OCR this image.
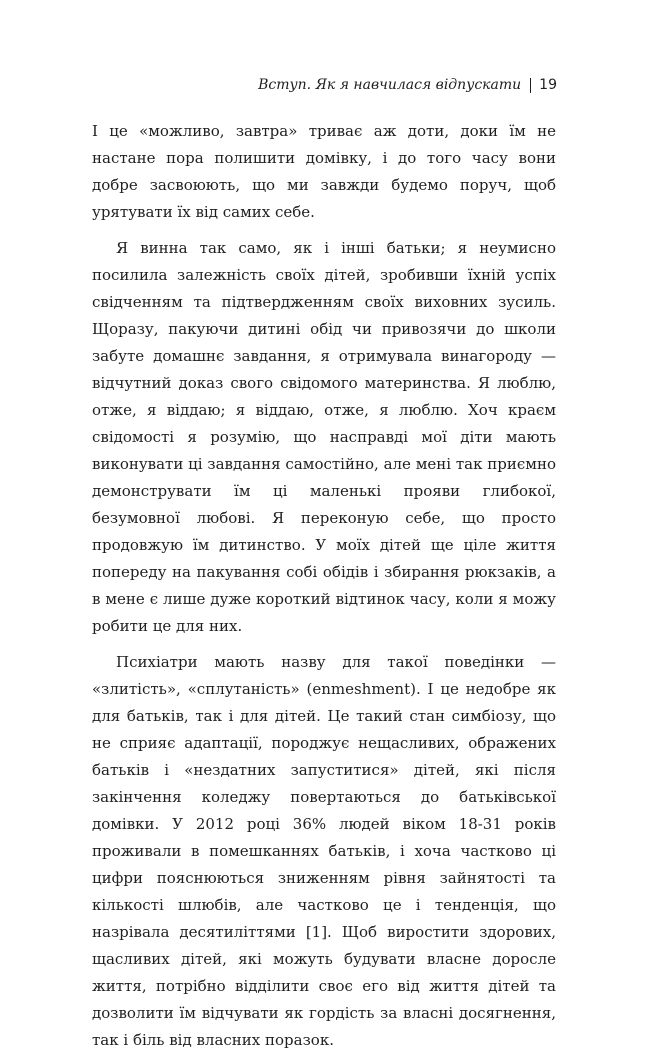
Вступ. Як я навчилася відпускати 19

І це «можливо, завтра» триває аж доти, доки їм не настане пора полишити домівку, і до того часу вони добре засвоюють, що ми завжди будемо поруч, щоб урятувати їх від самих себе.

Я винна так само, як і інші батьки; я неумисно посилила залежність своїх дітей, зробивши їхній успіх свідченням та підтвердженням своїх виховних зусиль. Щоразу, пакуючи дитині обід чи привозячи до школи забуте домашнє завдання, я отримувала винагороду — відчутний доказ свого свідомого материнства. Я люблю, отже, я віддаю; я віддаю, отже, я люблю. Хоч краєм свідомості я розумію, що насправді мої діти мають виконувати ці завдання самостійно, але мені так приємно демонструвати їм ці маленькі прояви глибокої, безумовної любові. Я переконую себе, що просто продовжую їм дитинство. У моїх дітей ще ціле життя попереду на пакування собі обідів і збирання рюкзаків, а в мене є лише дуже короткий відтинок часу, коли я можу робити це для них.

Психіатри мають назву для такої поведінки — «злитість», «сплутаність» (enmeshment). І це недобре як для батьків, так і для дітей. Це такий стан симбіозу, що не сприяє адаптації, породжує нещасливих, ображених батьків і «нездатних запуститися» дітей, які після закінчення коледжу повертаються до батьківської домівки. У 2012 році 36% людей віком 18-31 років проживали в помешканнях батьків, і хоча частково ці цифри пояснюються зниженням рівня зайнятості та кількості шлюбів, але частково це і тенденція, що назрівала десятиліттями [1]. Щоб виростити здорових, щасливих дітей, які можуть будувати власне доросле життя, потрібно відділити своє его від життя дітей та дозволити їм відчувати як гордість за власні досягнення, так і біль від власних поразок.
